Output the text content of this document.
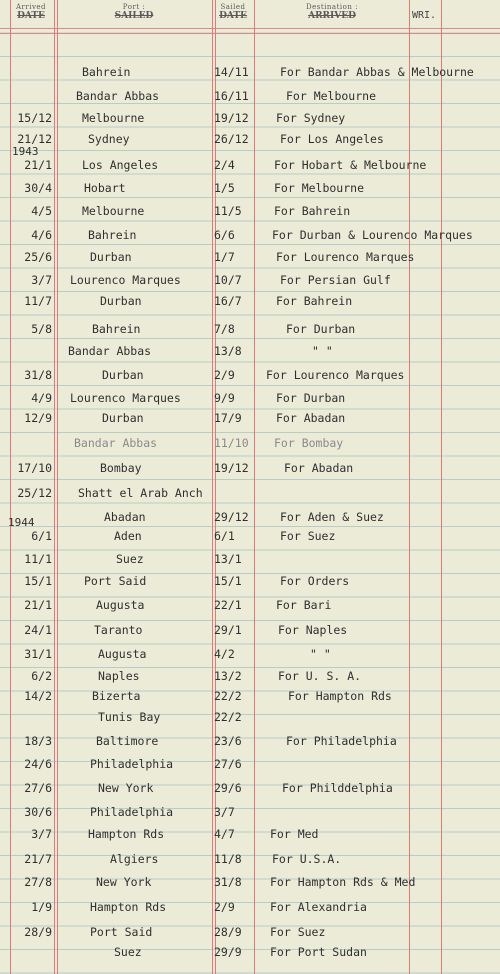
Arrived
DATE
Port :
SAILED
Sailed
DATE
Destination :
ARRIVED	WRI.
1943
1944
Bahrein	14/11	For Bandar Abbas & Melbourne
Bandar Abbas	16/11	For Melbourne
15/12	Melbourne	19/12	For Sydney
21/12	Sydney	26/12	For Los Angeles
21/1	Los Angeles	2/4	For Hobart & Melbourne
30/4	Hobart	1/5	For Melbourne
4/5	Melbourne	11/5	For Bahrein
4/6	Bahrein	6/6	For Durban & Lourenco Marques
25/6	Durban	1/7	For Lourenco Marques
3/7 Lourenco Marques	10/7	For Persian Gulf
11/7	Durban	16/7	For Bahrein
5/8	Bahrein	7/8	For Durban
Bandar Abbas	13/8	" "
31/8	Durban	2/9	For Lourenco Marques
4/9 Lourenco Marques	9/9	For Durban
12/9	Durban	17/9	For Abadan
Bandar Abbas	11/10	For Bombay
17/10	Bombay	19/12	For Abadan
25/12 Shatt el Arab Anch
Abadan	29/12	For Aden & Suez
6/1	Aden	6/1	For Suez
11/1	Suez	13/1
15/1	Port Said	15/1	For Orders
21/1	Augusta	22/1	For Bari
24/1	Taranto	29/1	For Naples
31/1	Augusta	4/2	" "
6/2	Naples	13/2	For U. S. A.
14/2	Bizerta	22/2	For Hampton Rds
Tunis Bay	22/2
18/3	Baltimore	23/6	For Philadelphia
24/6	Philadelphia	27/6
27/6	New York	29/6	For Philddelphia
30/6	Philadelphia	3/7
3/7	Hampton Rds	4/7	For Med
21/7	Algiers	11/8	For U.S.A.
27/8	New York	31/8	For Hampton Rds & Med
1/9	Hampton Rds	2/9	For Alexandria
28/9	Port Said	28/9	For Suez
Suez	29/9	For Port Sudan
